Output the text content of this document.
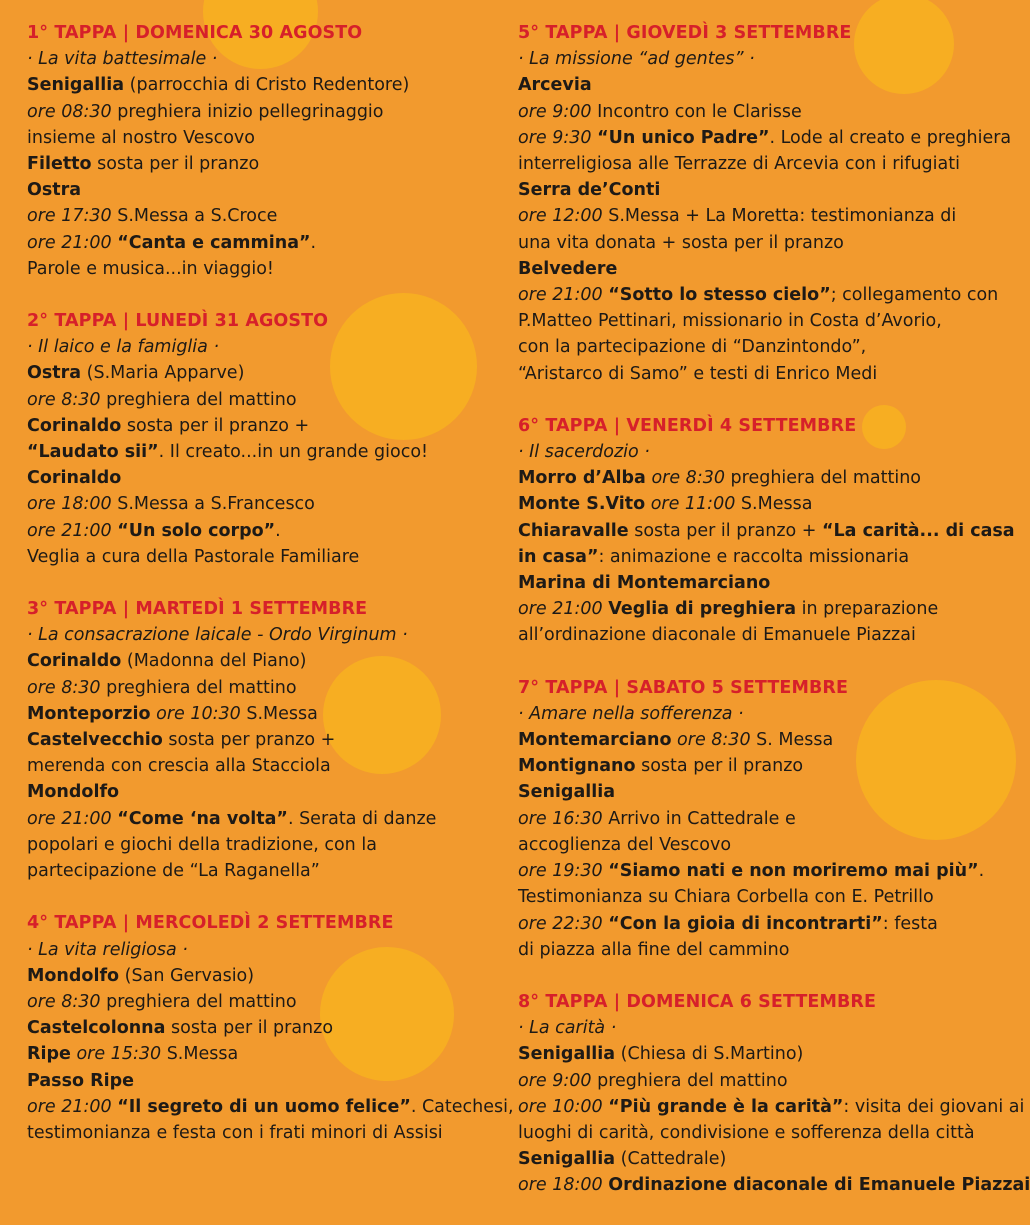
1° TAPPA | DOMENICA 30 AGOSTO
· La vita battesimale ·
Senigallia (parrocchia di Cristo Redentore)
ore 08:30 preghiera inizio pellegrinaggio
insieme al nostro Vescovo
Filetto sosta per il pranzo
Ostra
ore 17:30 S.Messa a S.Croce
ore 21:00 “Canta e cammina”.
Parole e musica...in viaggio!
2° TAPPA | LUNEDÌ 31 AGOSTO
· Il laico e la famiglia ·
Ostra (S.Maria Apparve)
ore 8:30 preghiera del mattino
Corinaldo sosta per il pranzo +
“Laudato sii”. Il creato...in un grande gioco!
Corinaldo
ore 18:00 S.Messa a S.Francesco
ore 21:00 “Un solo corpo”.
Veglia a cura della Pastorale Familiare
3° TAPPA | MARTEDÌ 1 SETTEMBRE
· La consacrazione laicale - Ordo Virginum ·
Corinaldo (Madonna del Piano)
ore 8:30 preghiera del mattino
Monteporzio ore 10:30 S.Messa
Castelvecchio sosta per pranzo +
merenda con crescia alla Stacciola
Mondolfo
ore 21:00 “Come ‘na volta”. Serata di danze
popolari e giochi della tradizione, con la
partecipazione de “La Raganella”
4° TAPPA | MERCOLEDÌ 2 SETTEMBRE
· La vita religiosa ·
Mondolfo (San Gervasio)
ore 8:30 preghiera del mattino
Castelcolonna sosta per il pranzo
Ripe ore 15:30 S.Messa
Passo Ripe
ore 21:00 “Il segreto di un uomo felice”. Catechesi,
testimonianza e festa con i frati minori di Assisi
5° TAPPA | GIOVEDÌ 3 SETTEMBRE
· La missione “ad gentes” ·
Arcevia
ore 9:00 Incontro con le Clarisse
ore 9:30 “Un unico Padre”. Lode al creato e preghiera
interreligiosa alle Terrazze di Arcevia con i rifugiati
Serra de’Conti
ore 12:00 S.Messa + La Moretta: testimonianza di
una vita donata + sosta per il pranzo
Belvedere
ore 21:00 “Sotto lo stesso cielo”; collegamento con
P.Matteo Pettinari, missionario in Costa d’Avorio,
con la partecipazione di “Danzintondo”,
“Aristarco di Samo” e testi di Enrico Medi
6° TAPPA | VENERDÌ 4 SETTEMBRE
· Il sacerdozio ·
Morro d’Alba ore 8:30 preghiera del mattino
Monte S.Vito ore 11:00 S.Messa
Chiaravalle sosta per il pranzo + “La carità... di casa
in casa”: animazione e raccolta missionaria
Marina di Montemarciano
ore 21:00 Veglia di preghiera in preparazione
all’ordinazione diaconale di Emanuele Piazzai
7° TAPPA | SABATO 5 SETTEMBRE
· Amare nella sofferenza ·
Montemarciano ore 8:30 S. Messa
Montignano sosta per il pranzo
Senigallia
ore 16:30 Arrivo in Cattedrale e
accoglienza del Vescovo
ore 19:30 “Siamo nati e non moriremo mai più”.
Testimonianza su Chiara Corbella con E. Petrillo
ore 22:30 “Con la gioia di incontrarti”: festa
di piazza alla fine del cammino
8° TAPPA | DOMENICA 6 SETTEMBRE
· La carità ·
Senigallia (Chiesa di S.Martino)
ore 9:00 preghiera del mattino
ore 10:00 “Più grande è la carità”: visita dei giovani ai
luoghi di carità, condivisione e sofferenza della città
Senigallia (Cattedrale)
ore 18:00 Ordinazione diaconale di Emanuele Piazzai
